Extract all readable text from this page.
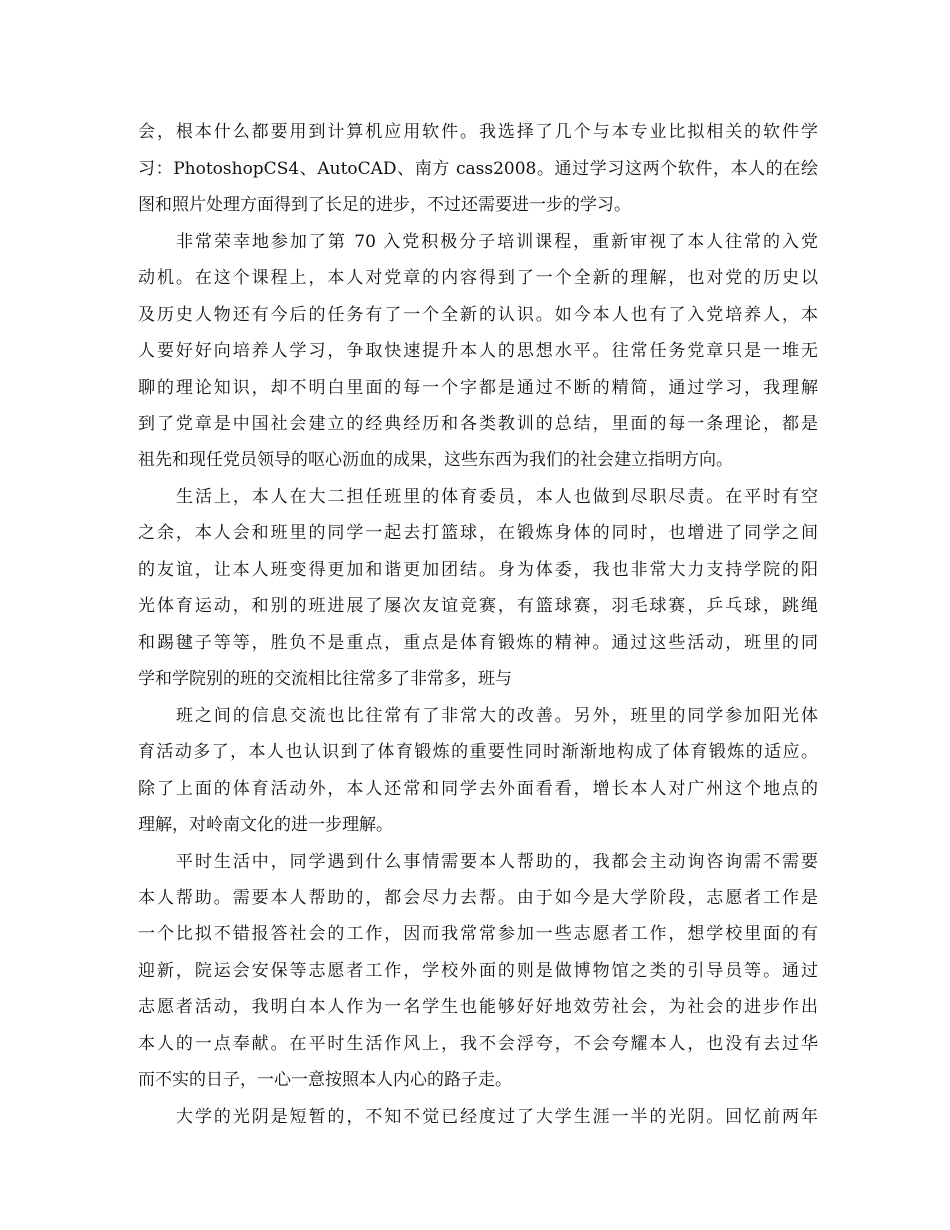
会，根本什么都要用到计算机应用软件。我选择了几个与本专业比拟相关的软件学
习：PhotoshopCS4、AutoCAD、南方 cass2008。通过学习这两个软件，本人的在绘
图和照片处理方面得到了长足的进步，不过还需要进一步的学习。
非常荣幸地参加了第 70 入党积极分子培训课程，重新审视了本人往常的入党
动机。在这个课程上，本人对党章的内容得到了一个全新的理解，也对党的历史以
及历史人物还有今后的任务有了一个全新的认识。如今本人也有了入党培养人，本
人要好好向培养人学习，争取快速提升本人的思想水平。往常任务党章只是一堆无
聊的理论知识，却不明白里面的每一个字都是通过不断的精简，通过学习，我理解
到了党章是中国社会建立的经典经历和各类教训的总结，里面的每一条理论，都是
祖先和现任党员领导的呕心沥血的成果，这些东西为我们的社会建立指明方向。
生活上，本人在大二担任班里的体育委员，本人也做到尽职尽责。在平时有空
之余，本人会和班里的同学一起去打篮球，在锻炼身体的同时，也增进了同学之间
的友谊，让本人班变得更加和谐更加团结。身为体委，我也非常大力支持学院的阳
光体育运动，和别的班进展了屡次友谊竞赛，有篮球赛，羽毛球赛，乒乓球，跳绳
和踢毽子等等，胜负不是重点，重点是体育锻炼的精神。通过这些活动，班里的同
学和学院别的班的交流相比往常多了非常多，班与
班之间的信息交流也比往常有了非常大的改善。另外，班里的同学参加阳光体
育活动多了，本人也认识到了体育锻炼的重要性同时渐渐地构成了体育锻炼的适应。
除了上面的体育活动外，本人还常和同学去外面看看，增长本人对广州这个地点的
理解，对岭南文化的进一步理解。
平时生活中，同学遇到什么事情需要本人帮助的，我都会主动询咨询需不需要
本人帮助。需要本人帮助的，都会尽力去帮。由于如今是大学阶段，志愿者工作是
一个比拟不错报答社会的工作，因而我常常参加一些志愿者工作，想学校里面的有
迎新，院运会安保等志愿者工作，学校外面的则是做博物馆之类的引导员等。通过
志愿者活动，我明白本人作为一名学生也能够好好地效劳社会，为社会的进步作出
本人的一点奉献。在平时生活作风上，我不会浮夸，不会夸耀本人，也没有去过华
而不实的日子，一心一意按照本人内心的路子走。
大学的光阴是短暂的，不知不觉已经度过了大学生涯一半的光阴。回忆前两年
